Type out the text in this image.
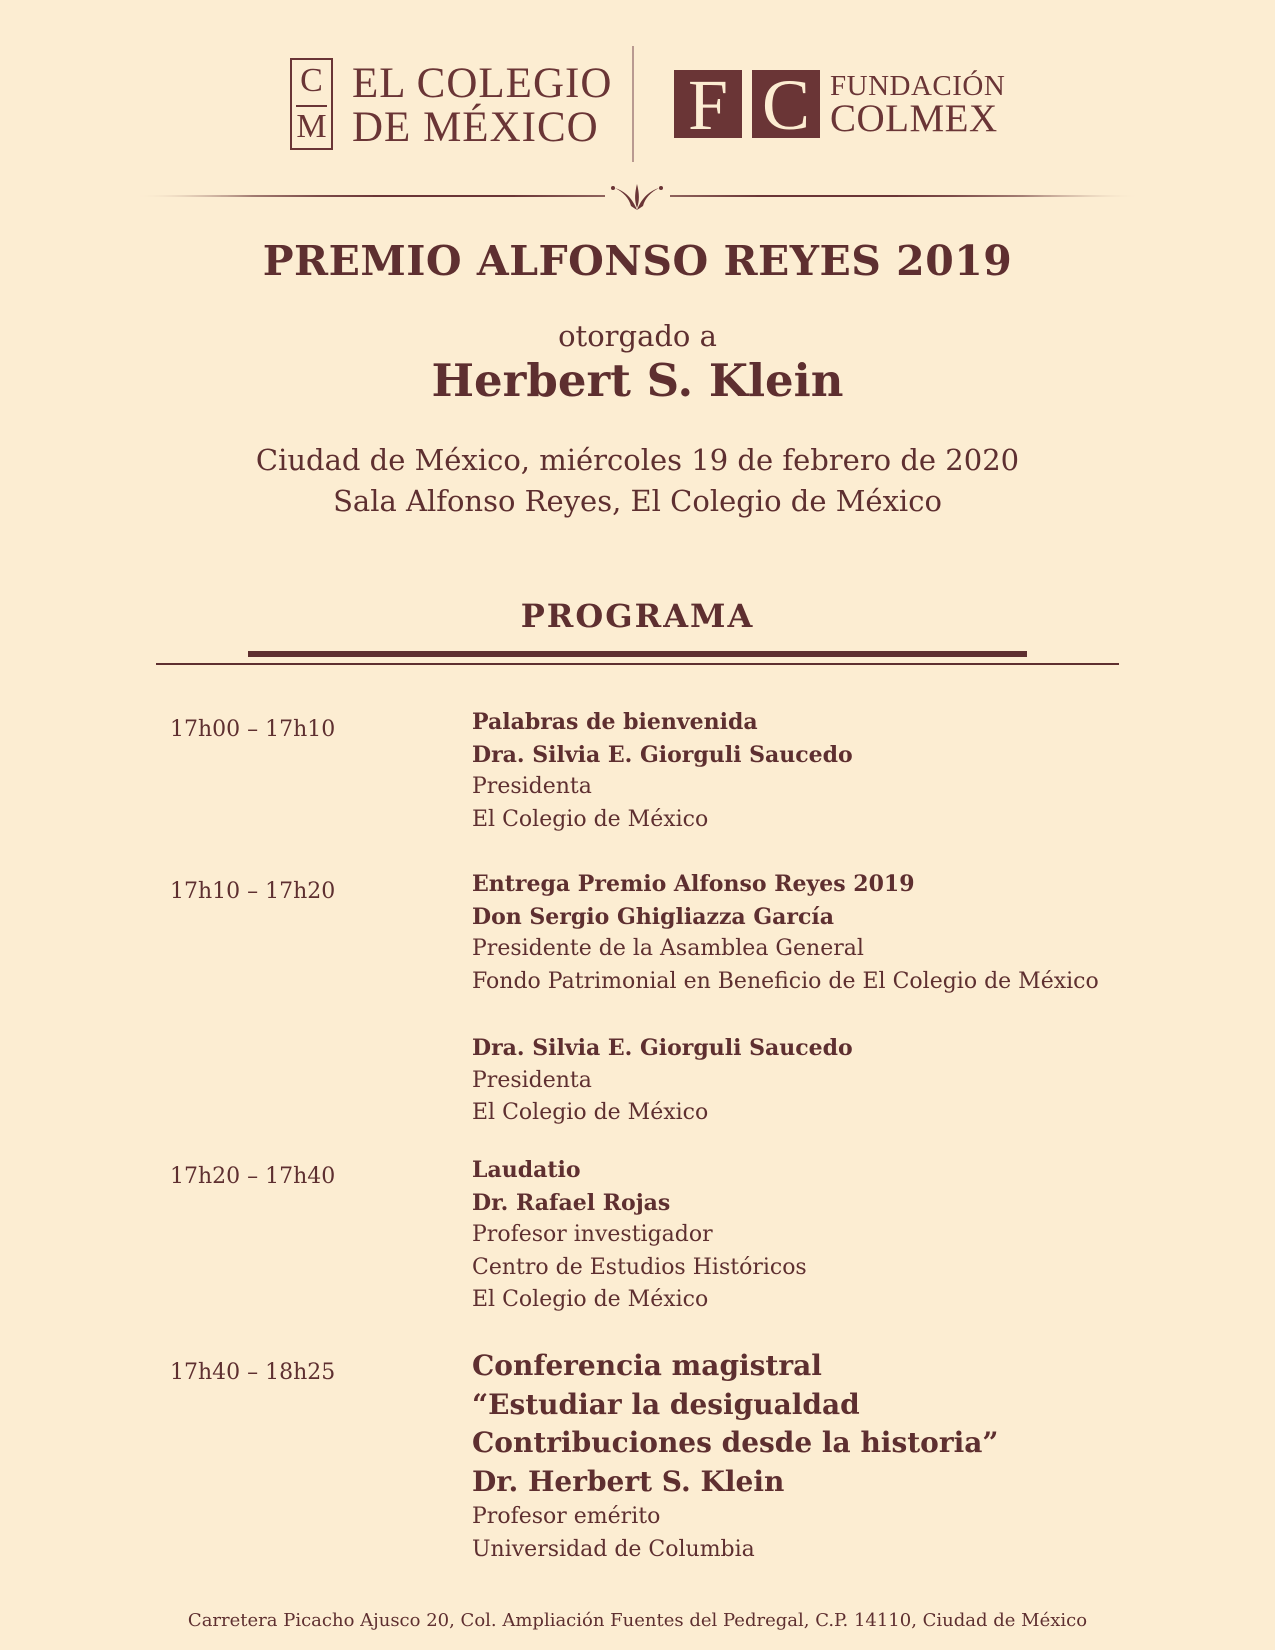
C
M
EL COLEGIO
DE MÉXICO F C FUNDACIÓN
COLMEX
PREMIO ALFONSO REYES 2019
otorgado a
Herbert S. Klein
Ciudad de México, miércoles 19 de febrero de 2020
Sala Alfonso Reyes, El Colegio de México
PROGRAMA
17h00 – 17h10	Palabras de bienvenida
Dra. Silvia E. Giorguli Saucedo
Presidenta
El Colegio de México
17h10 – 17h20	Entrega Premio Alfonso Reyes 2019
Don Sergio Ghigliazza García
Presidente de la Asamblea General
Fondo Patrimonial en Beneficio de El Colegio de México
Dra. Silvia E. Giorguli Saucedo
Presidenta
El Colegio de México
17h20 – 17h40	Laudatio
Dr. Rafael Rojas
Profesor investigador
Centro de Estudios Históricos
El Colegio de México
17h40 – 18h25	Conferencia magistral
“Estudiar la desigualdad
Contribuciones desde la historia”
Dr. Herbert S. Klein
Profesor emérito
Universidad de Columbia
Carretera Picacho Ajusco 20, Col. Ampliación Fuentes del Pedregal, C.P. 14110, Ciudad de México
